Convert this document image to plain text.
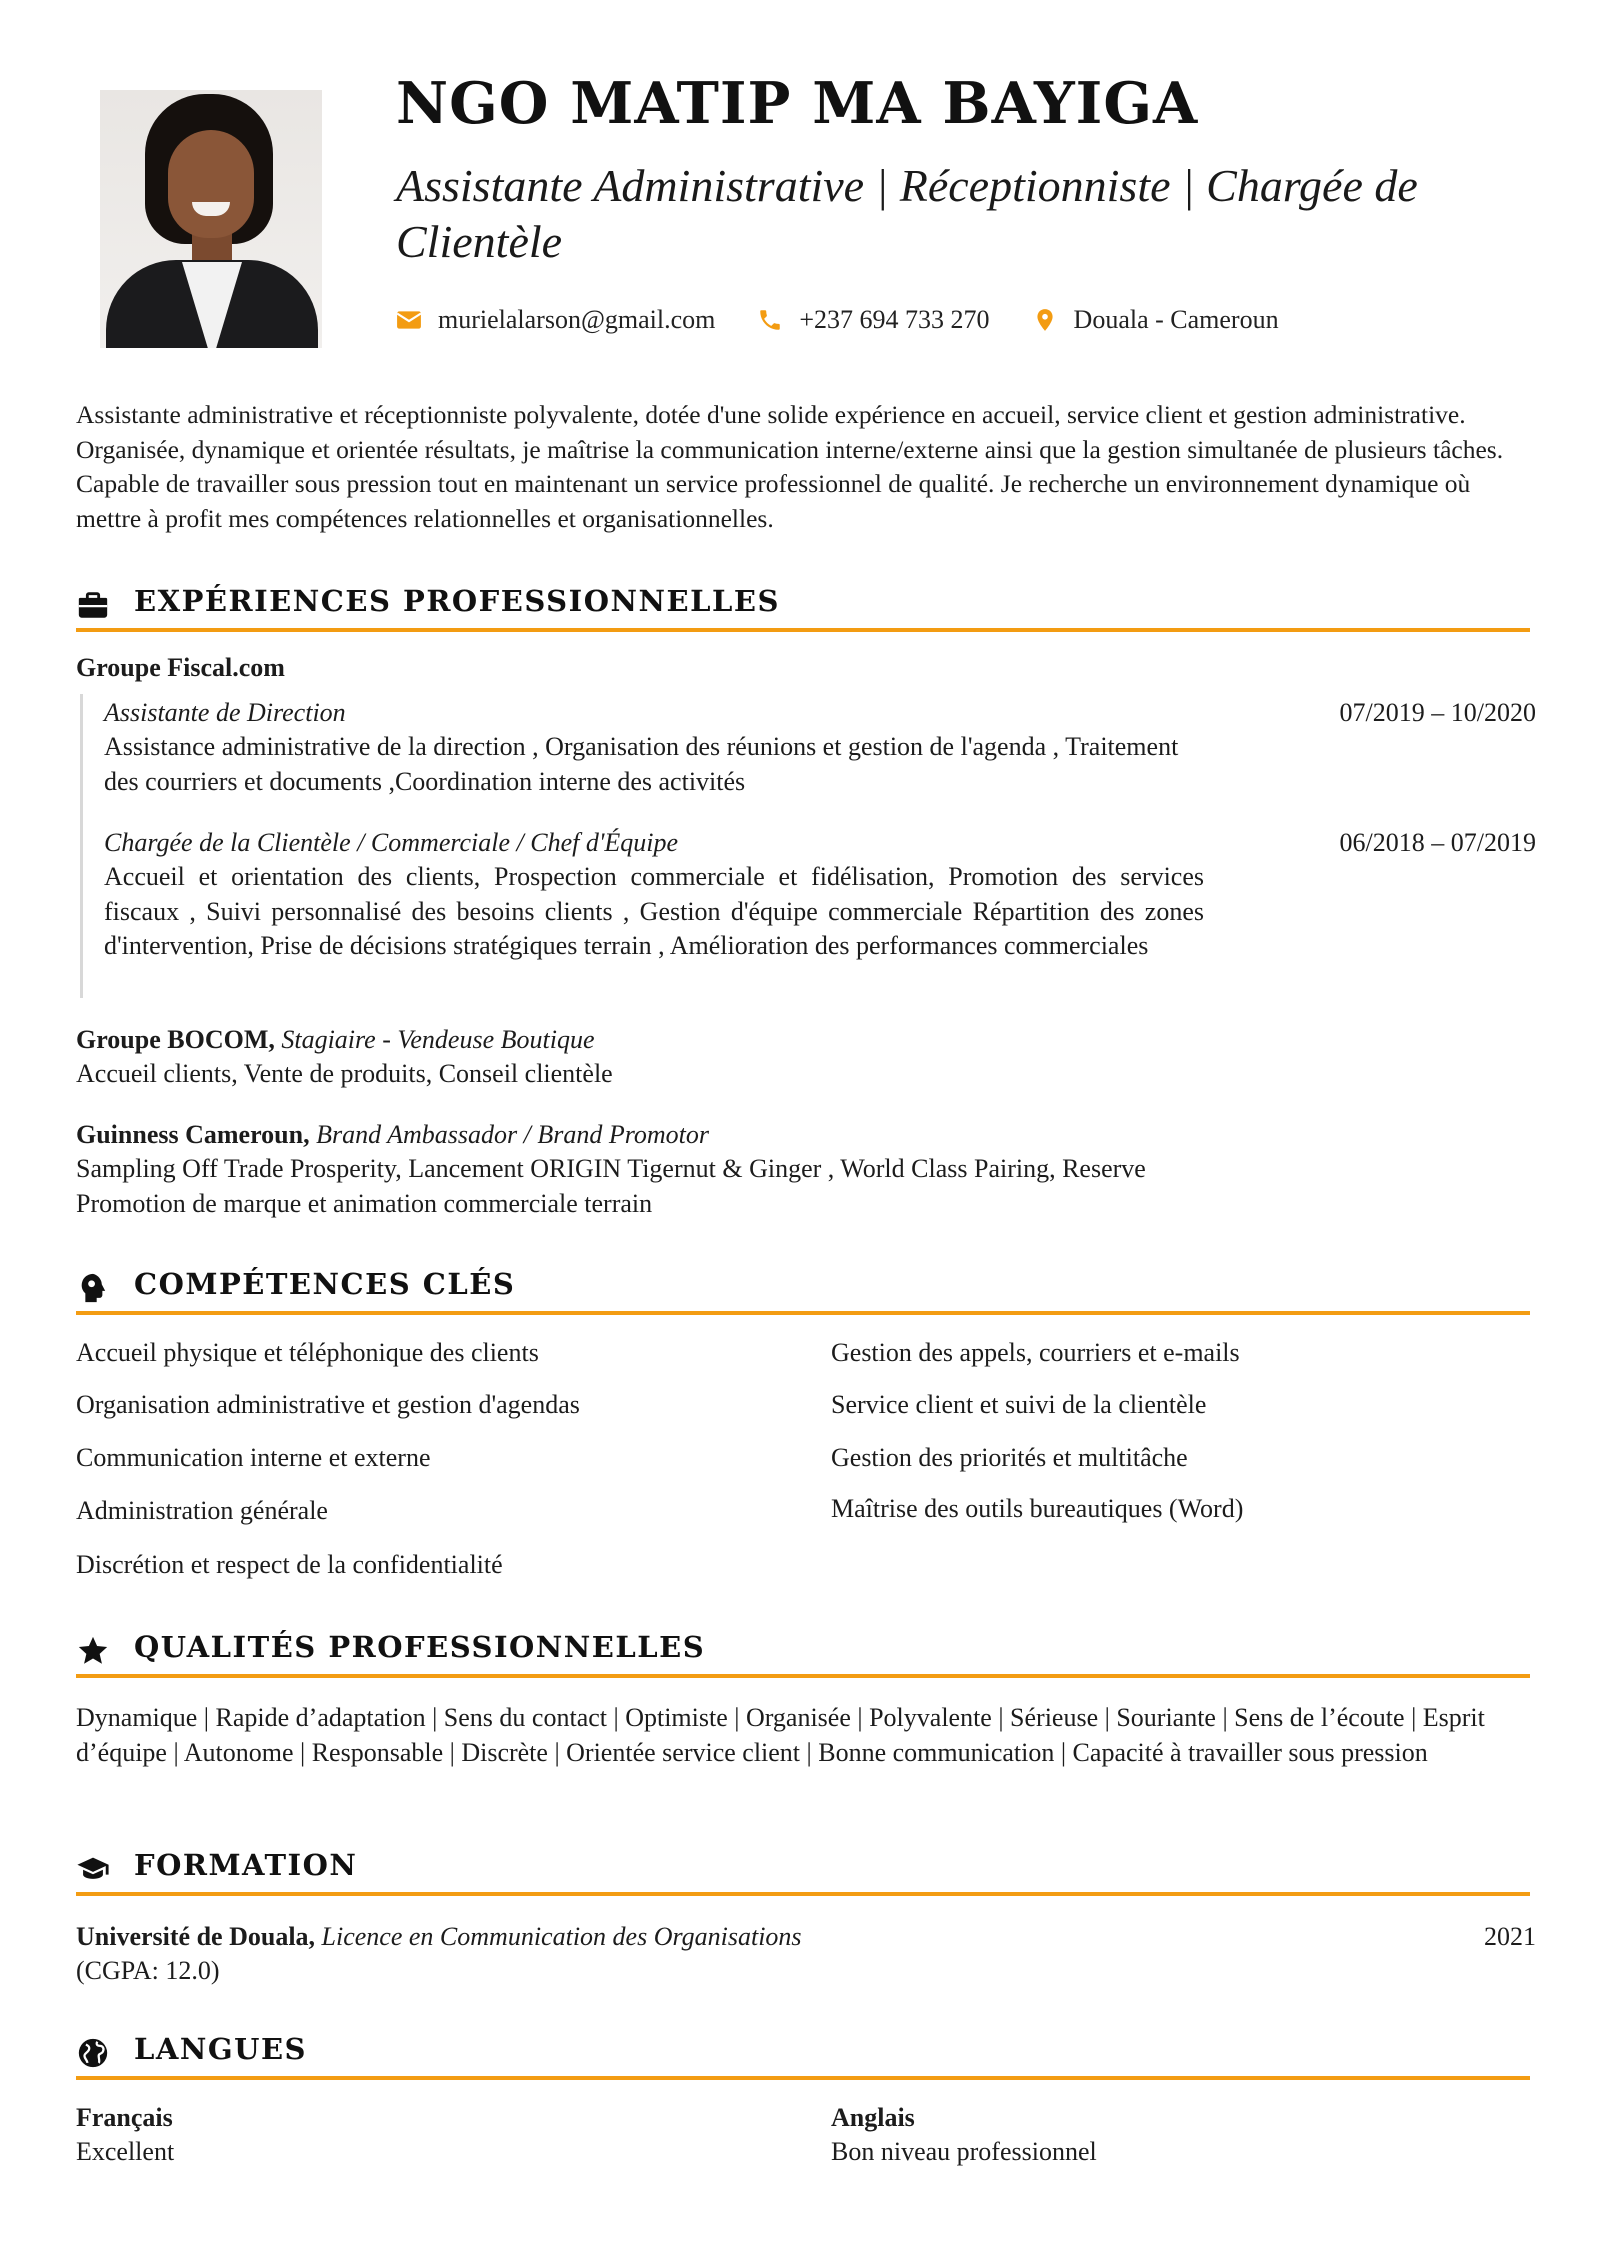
NGO MATIP MA BAYIGA

Assistante Administrative | Réceptionniste | Chargée de Clientèle

murielalarson@gmail.com	+237 694 733 270	Douala - Cameroun

Assistante administrative et réceptionniste polyvalente, dotée d'une solide expérience en accueil, service client et gestion administrative. Organisée, dynamique et orientée résultats, je maîtrise la communication interne/externe ainsi que la gestion simultanée de plusieurs tâches. Capable de travailler sous pression tout en maintenant un service professionnel de qualité. Je recherche un environnement dynamique où mettre à profit mes compétences relationnelles et organisationnelles.

EXPÉRIENCES PROFESSIONNELLES

Groupe Fiscal.com

Assistante de Direction	07/2019 – 10/2020

Assistance administrative de la direction , Organisation des réunions et gestion de l'agenda , Traitement des courriers et documents ,Coordination interne des activités

Chargée de la Clientèle / Commerciale / Chef d'Équipe	06/2018 – 07/2019

Accueil et orientation des clients, Prospection commerciale et fidélisation, Promotion des services fiscaux , Suivi personnalisé des besoins clients , Gestion d'équipe commerciale Répartition des zones d'intervention, Prise de décisions stratégiques terrain , Amélioration des performances commerciales

Groupe BOCOM, Stagiaire - Vendeuse Boutique

Accueil clients, Vente de produits, Conseil clientèle

Guinness Cameroun, Brand Ambassador / Brand Promotor

Sampling Off Trade Prosperity, Lancement ORIGIN Tigernut & Ginger , World Class Pairing, Reserve Promotion de marque et animation commerciale terrain

COMPÉTENCES CLÉS

Accueil physique et téléphonique des clients

Organisation administrative et gestion d'agendas

Communication interne et externe

Administration générale

Discrétion et respect de la confidentialité

Gestion des appels, courriers et e-mails

Service client et suivi de la clientèle

Gestion des priorités et multitâche

Maîtrise des outils bureautiques (Word)

QUALITÉS PROFESSIONNELLES

Dynamique | Rapide d’adaptation | Sens du contact | Optimiste | Organisée | Polyvalente | Sérieuse | Souriante | Sens de l’écoute | Esprit d’équipe | Autonome | Responsable | Discrète | Orientée service client | Bonne communication | Capacité à travailler sous pression

FORMATION

Université de Douala, Licence en Communication des Organisations	2021

(CGPA: 12.0)

LANGUES

Français

Excellent

Anglais

Bon niveau professionnel
